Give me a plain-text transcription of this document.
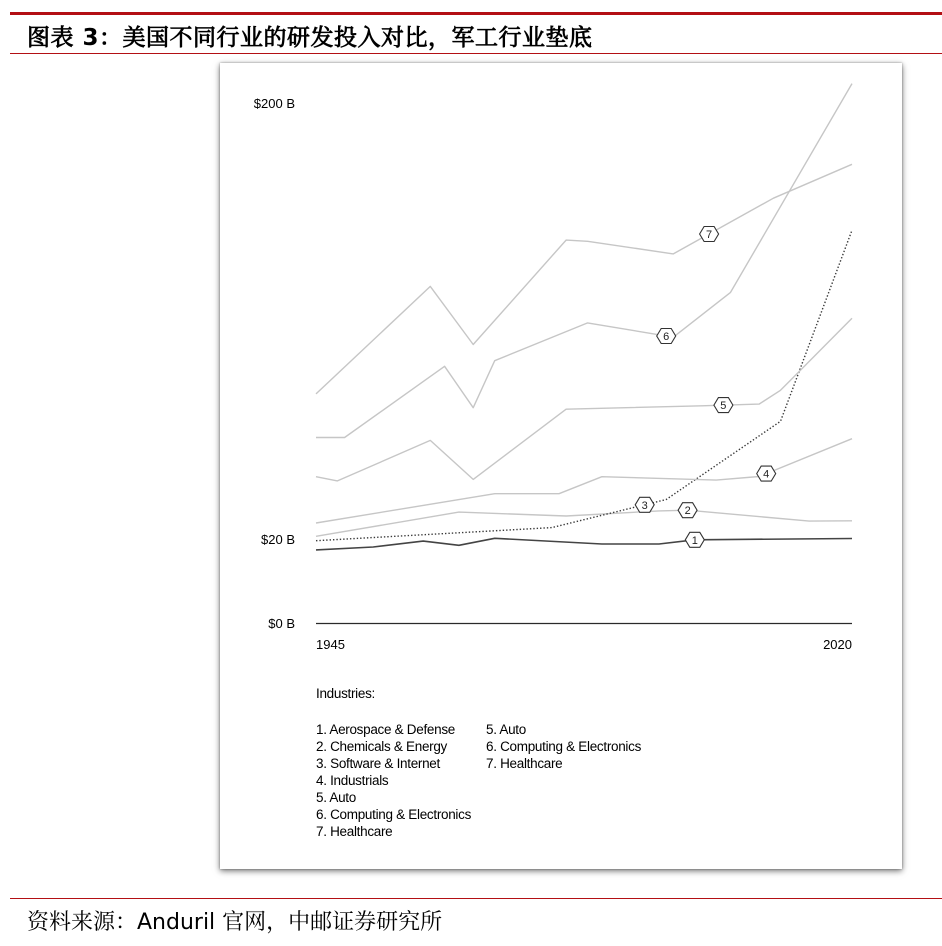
图表 3：美国不同行业的研发投入对比，军工行业垫底
$200 B
$20 B
$0 B
1
2
3
4
5
6
7
1945	2020
Industries:
1. Aerospace & Defense
2. Chemicals & Energy
3. Software & Internet
4. Industrials
5. Auto
6. Computing & Electronics
7. Healthcare
5. Auto
6. Computing & Electronics
7. Healthcare
资料来源：Anduril 官网，中邮证券研究所
